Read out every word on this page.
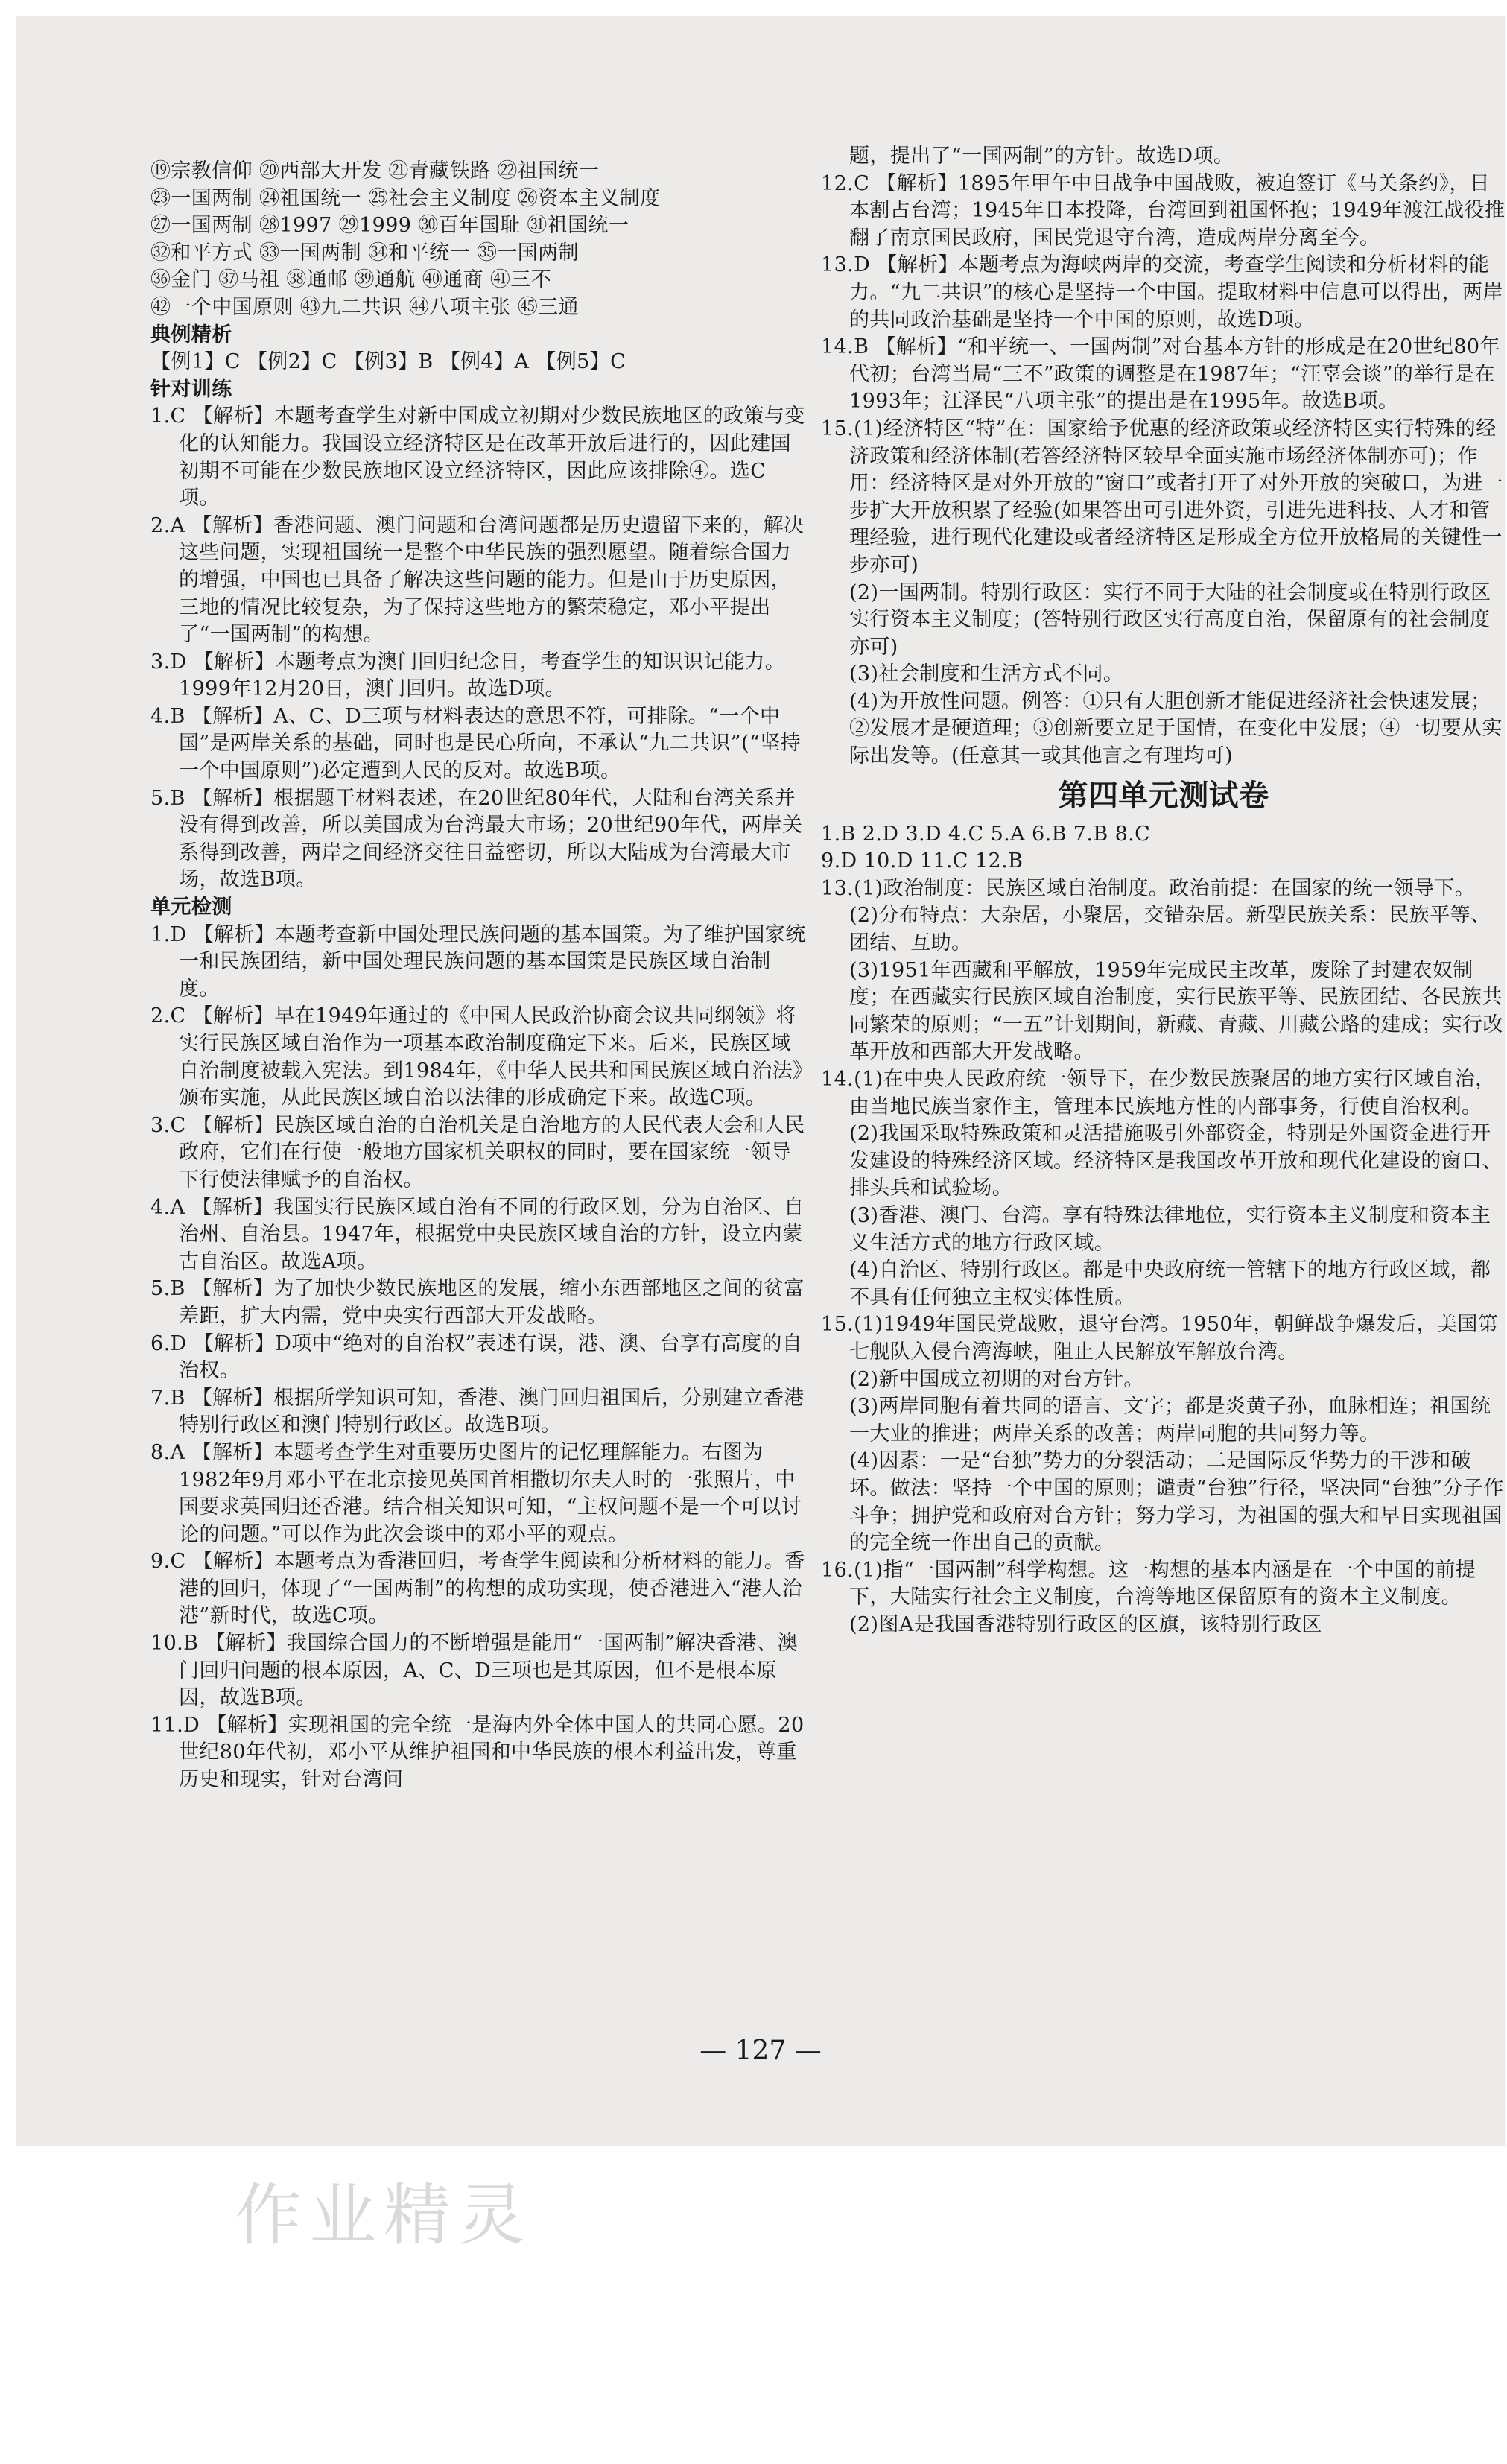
⑲宗教信仰 ⑳西部大开发 ㉑青藏铁路 ㉒祖国统一

㉓一国两制 ㉔祖国统一 ㉕社会主义制度 ㉖资本主义制度

㉗一国两制 ㉘1997 ㉙1999 ㉚百年国耻 ㉛祖国统一

㉜和平方式 ㉝一国两制 ㉞和平统一 ㉟一国两制

㊱金门 ㊲马祖 ㊳通邮 ㊴通航 ㊵通商 ㊶三不

㊷一个中国原则 ㊸九二共识 ㊹八项主张 ㊺三通

典例精析

【例1】C 【例2】C 【例3】B 【例4】A 【例5】C

针对训练

1.C 【解析】本题考查学生对新中国成立初期对少数民族地区的政策与变化的认知能力。我国设立经济特区是在改革开放后进行的，因此建国初期不可能在少数民族地区设立经济特区，因此应该排除④。选C项。

2.A 【解析】香港问题、澳门问题和台湾问题都是历史遗留下来的，解决这些问题，实现祖国统一是整个中华民族的强烈愿望。随着综合国力的增强，中国也已具备了解决这些问题的能力。但是由于历史原因，三地的情况比较复杂，为了保持这些地方的繁荣稳定，邓小平提出了“一国两制”的构想。

3.D 【解析】本题考点为澳门回归纪念日，考查学生的知识识记能力。1999年12月20日，澳门回归。故选D项。

4.B 【解析】A、C、D三项与材料表达的意思不符，可排除。“一个中国”是两岸关系的基础，同时也是民心所向，不承认“九二共识”(“坚持一个中国原则”)必定遭到人民的反对。故选B项。

5.B 【解析】根据题干材料表述，在20世纪80年代，大陆和台湾关系并没有得到改善，所以美国成为台湾最大市场；20世纪90年代，两岸关系得到改善，两岸之间经济交往日益密切，所以大陆成为台湾最大市场，故选B项。

单元检测

1.D 【解析】本题考查新中国处理民族问题的基本国策。为了维护国家统一和民族团结，新中国处理民族问题的基本国策是民族区域自治制度。

2.C 【解析】早在1949年通过的《中国人民政治协商会议共同纲领》将实行民族区域自治作为一项基本政治制度确定下来。后来，民族区域自治制度被载入宪法。到1984年，《中华人民共和国民族区域自治法》颁布实施，从此民族区域自治以法律的形成确定下来。故选C项。

3.C 【解析】民族区域自治的自治机关是自治地方的人民代表大会和人民政府，它们在行使一般地方国家机关职权的同时，要在国家统一领导下行使法律赋予的自治权。

4.A 【解析】我国实行民族区域自治有不同的行政区划，分为自治区、自治州、自治县。1947年，根据党中央民族区域自治的方针，设立内蒙古自治区。故选A项。

5.B 【解析】为了加快少数民族地区的发展，缩小东西部地区之间的贫富差距，扩大内需，党中央实行西部大开发战略。

6.D 【解析】D项中“绝对的自治权”表述有误，港、澳、台享有高度的自治权。

7.B 【解析】根据所学知识可知，香港、澳门回归祖国后，分别建立香港特别行政区和澳门特别行政区。故选B项。

8.A 【解析】本题考查学生对重要历史图片的记忆理解能力。右图为1982年9月邓小平在北京接见英国首相撒切尔夫人时的一张照片，中国要求英国归还香港。结合相关知识可知，“主权问题不是一个可以讨论的问题。”可以作为此次会谈中的邓小平的观点。

9.C 【解析】本题考点为香港回归，考查学生阅读和分析材料的能力。香港的回归，体现了“一国两制”的构想的成功实现，使香港进入“港人治港”新时代，故选C项。

10.B 【解析】我国综合国力的不断增强是能用“一国两制”解决香港、澳门回归问题的根本原因，A、C、D三项也是其原因，但不是根本原因，故选B项。

11.D 【解析】实现祖国的完全统一是海内外全体中国人的共同心愿。20世纪80年代初，邓小平从维护祖国和中华民族的根本利益出发，尊重历史和现实，针对台湾问

题，提出了“一国两制”的方针。故选D项。

12.C 【解析】1895年甲午中日战争中国战败，被迫签订《马关条约》，日本割占台湾；1945年日本投降，台湾回到祖国怀抱；1949年渡江战役推翻了南京国民政府，国民党退守台湾，造成两岸分离至今。

13.D 【解析】本题考点为海峡两岸的交流，考查学生阅读和分析材料的能力。“九二共识”的核心是坚持一个中国。提取材料中信息可以得出，两岸的共同政治基础是坚持一个中国的原则，故选D项。

14.B 【解析】“和平统一、一国两制”对台基本方针的形成是在20世纪80年代初；台湾当局“三不”政策的调整是在1987年；“汪辜会谈”的举行是在1993年；江泽民“八项主张”的提出是在1995年。故选B项。

15.(1)经济特区“特”在：国家给予优惠的经济政策或经济特区实行特殊的经济政策和经济体制(若答经济特区较早全面实施市场经济体制亦可)；作用：经济特区是对外开放的“窗口”或者打开了对外开放的突破口，为进一步扩大开放积累了经验(如果答出可引进外资，引进先进科技、人才和管理经验，进行现代化建设或者经济特区是形成全方位开放格局的关键性一步亦可)

(2)一国两制。特别行政区：实行不同于大陆的社会制度或在特别行政区实行资本主义制度；(答特别行政区实行高度自治，保留原有的社会制度亦可)

(3)社会制度和生活方式不同。

(4)为开放性问题。例答：①只有大胆创新才能促进经济社会快速发展；②发展才是硬道理；③创新要立足于国情，在变化中发展；④一切要从实际出发等。(任意其一或其他言之有理均可)

第四单元测试卷

1.B 2.D 3.D 4.C 5.A 6.B 7.B 8.C

9.D 10.D 11.C 12.B

13.(1)政治制度：民族区域自治制度。政治前提：在国家的统一领导下。

(2)分布特点：大杂居，小聚居，交错杂居。新型民族关系：民族平等、团结、互助。

(3)1951年西藏和平解放，1959年完成民主改革，废除了封建农奴制度；在西藏实行民族区域自治制度，实行民族平等、民族团结、各民族共同繁荣的原则；“一五”计划期间，新藏、青藏、川藏公路的建成；实行改革开放和西部大开发战略。

14.(1)在中央人民政府统一领导下，在少数民族聚居的地方实行区域自治，由当地民族当家作主，管理本民族地方性的内部事务，行使自治权利。

(2)我国采取特殊政策和灵活措施吸引外部资金，特别是外国资金进行开发建设的特殊经济区域。经济特区是我国改革开放和现代化建设的窗口、排头兵和试验场。

(3)香港、澳门、台湾。享有特殊法律地位，实行资本主义制度和资本主义生活方式的地方行政区域。

(4)自治区、特别行政区。都是中央政府统一管辖下的地方行政区域，都不具有任何独立主权实体性质。

15.(1)1949年国民党战败，退守台湾。1950年，朝鲜战争爆发后，美国第七舰队入侵台湾海峡，阻止人民解放军解放台湾。

(2)新中国成立初期的对台方针。

(3)两岸同胞有着共同的语言、文字；都是炎黄子孙，血脉相连；祖国统一大业的推进；两岸关系的改善；两岸同胞的共同努力等。

(4)因素：一是“台独”势力的分裂活动；二是国际反华势力的干涉和破坏。做法：坚持一个中国的原则；谴责“台独”行径，坚决同“台独”分子作斗争；拥护党和政府对台方针；努力学习，为祖国的强大和早日实现祖国的完全统一作出自己的贡献。

16.(1)指“一国两制”科学构想。这一构想的基本内涵是在一个中国的前提下，大陆实行社会主义制度，台湾等地区保留原有的资本主义制度。

(2)图A是我国香港特别行政区的区旗，该特别行政区

— 127 —
作业精灵
